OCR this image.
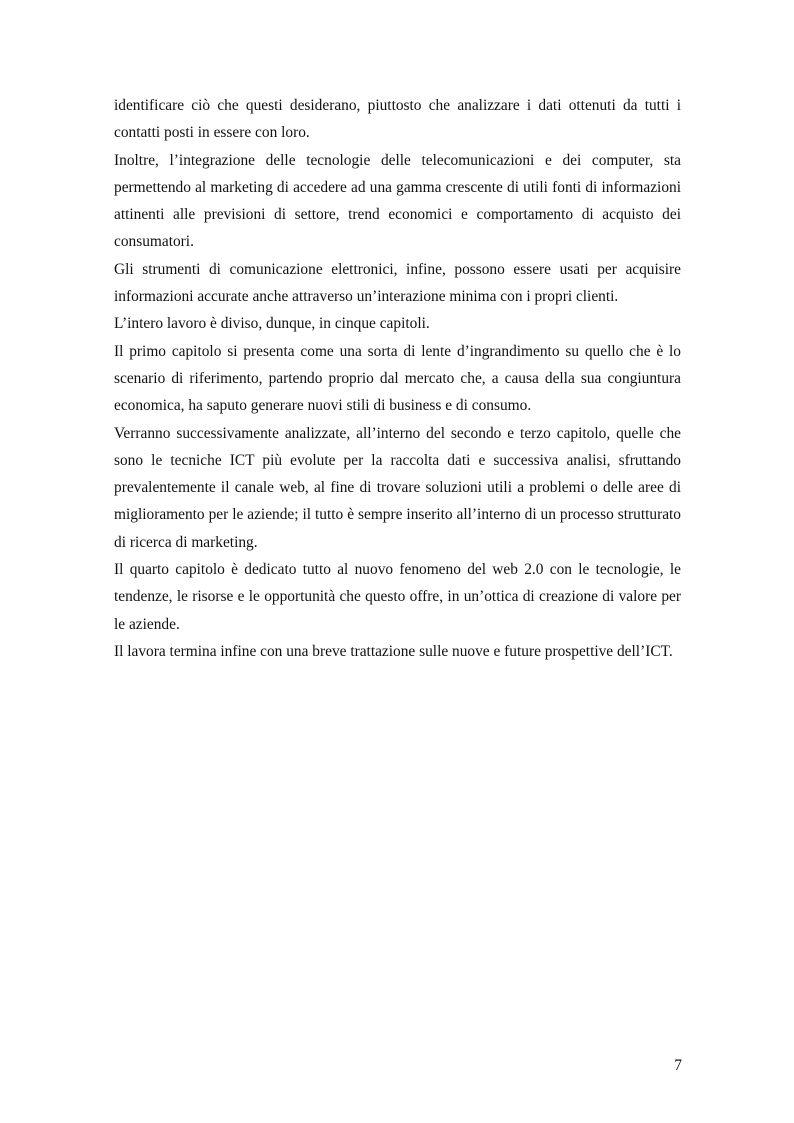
identificare ciò che questi desiderano, piuttosto che analizzare i dati ottenuti da tutti i contatti posti in essere con loro.

Inoltre, l’integrazione delle tecnologie delle telecomunicazioni e dei computer, sta permettendo al marketing di accedere ad una gamma crescente di utili fonti di informazioni attinenti alle previsioni di settore, trend economici e comportamento di acquisto dei consumatori.

Gli strumenti di comunicazione elettronici, infine, possono essere usati per acquisire informazioni accurate anche attraverso un’interazione minima con i propri clienti.

L’intero lavoro è diviso, dunque, in cinque capitoli.

Il primo capitolo si presenta come una sorta di lente d’ingrandimento su quello che è lo scenario di riferimento, partendo proprio dal mercato che, a causa della sua congiuntura economica, ha saputo generare nuovi stili di business e di consumo.

Verranno successivamente analizzate, all’interno del secondo e terzo capitolo, quelle che sono le tecniche ICT più evolute per la raccolta dati e successiva analisi, sfruttando prevalentemente il canale web, al fine di trovare soluzioni utili a problemi o delle aree di miglioramento per le aziende; il tutto è sempre inserito all’interno di un processo strutturato di ricerca di marketing.

Il quarto capitolo è dedicato tutto al nuovo fenomeno del web 2.0 con le tecnologie, le tendenze, le risorse e le opportunità che questo offre, in un’ottica di creazione di valore per le aziende.

Il lavora termina infine con una breve trattazione sulle nuove e future prospettive dell’ICT.

7
